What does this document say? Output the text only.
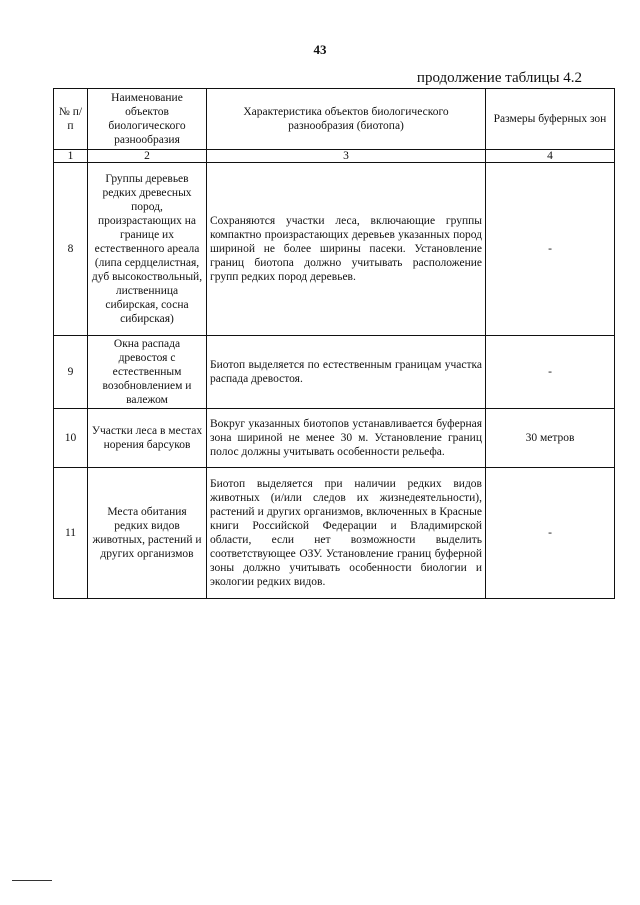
43
продолжение таблицы 4.2
№ п/п	Наименование объектов биологического разнообразия	Характеристика объектов биологического разнообразия (биотопа)	Размеры буферных зон
1	2	3	4
8	Группы деревьев редких древесных пород, произрастающих на границе их естественного ареала (липа сердцелистная, дуб высокоствольный, лиственница сибирская, сосна сибирская)	Сохраняются участки леса, включающие группы компактно произрастающих деревьев указанных пород шириной не более ширины пасеки. Установление границ биотопа должно учитывать расположение групп редких пород деревьев.	-
9	Окна распада древостоя с естественным возобновлением и валежом	Биотоп выделяется по естественным границам участка распада древостоя.	-
10	Участки леса в местах норения барсуков	Вокруг указанных биотопов устанавливается буферная зона шириной не менее 30 м. Установление границ полос должны учитывать особенности рельефа.	30 метров
11	Места обитания редких видов животных, растений и других организмов	Биотоп выделяется при наличии редких видов животных (и/или следов их жизнедеятельности), растений и других организмов, включенных в Красные книги Российской Федерации и Владимирской области, если нет возможности выделить соответствующее ОЗУ. Установление границ буферной зоны должно учитывать особенности биологии и экологии редких видов.	-
